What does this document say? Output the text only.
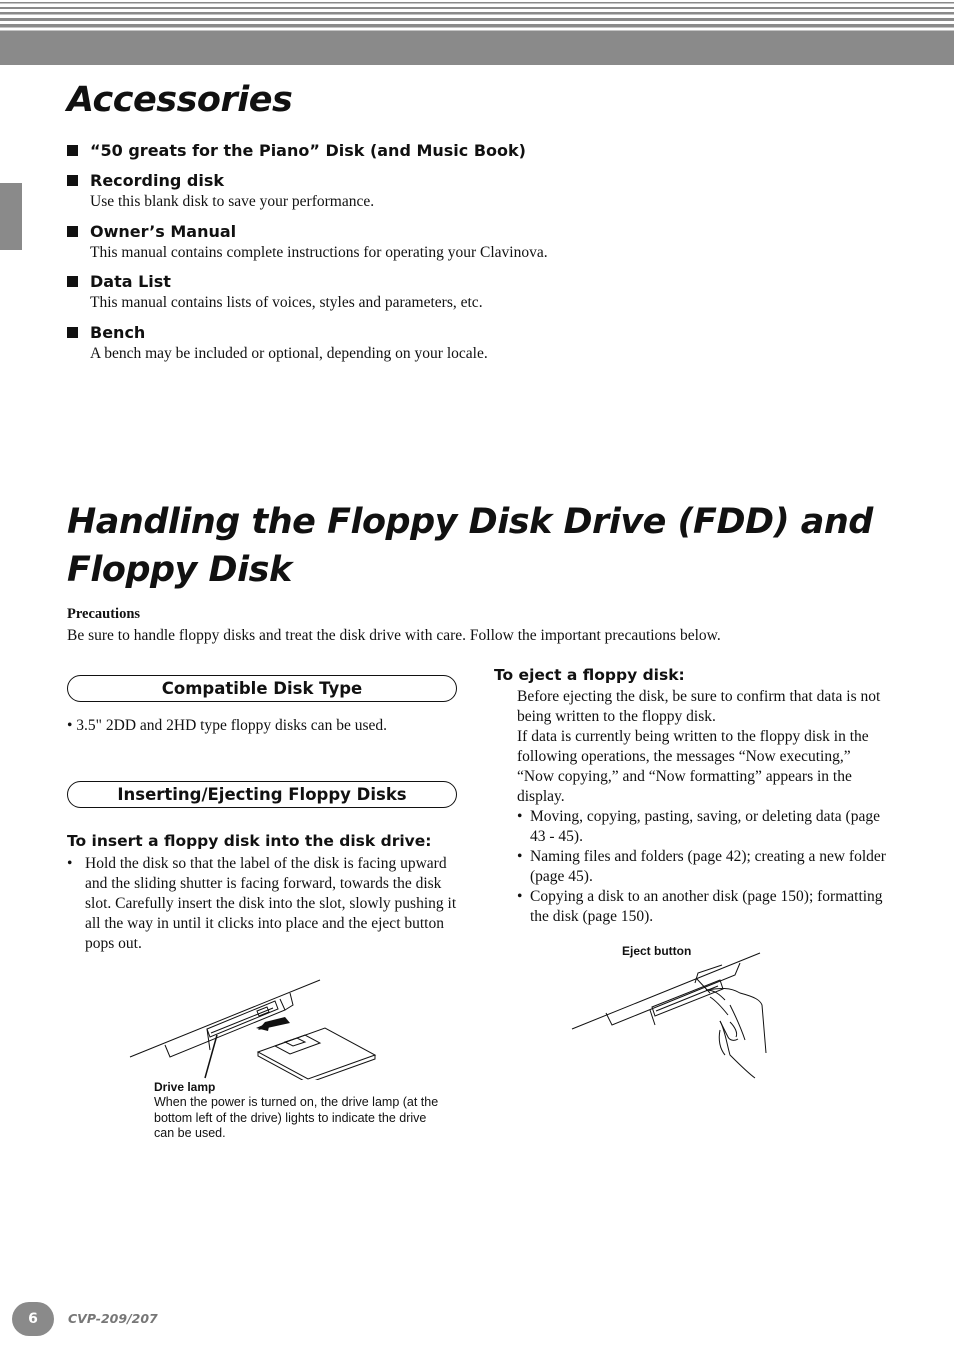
Accessories
“50 greats for the Piano” Disk (and Music Book)
Recording disk
Use this blank disk to save your performance.
Owner’s Manual
This manual contains complete instructions for operating your Clavinova.
Data List
This manual contains lists of voices, styles and parameters, etc.
Bench
A bench may be included or optional, depending on your locale.
Handling the Floppy Disk Drive (FDD) and Floppy Disk
Precautions
Be sure to handle floppy disks and treat the disk drive with care. Follow the important precautions below.
Compatible Disk Type
• 3.5" 2DD and 2HD type floppy disks can be used.
Inserting/Ejecting Floppy Disks
To insert a floppy disk into the disk drive:
• Hold the disk so that the label of the disk is facing upward and the sliding shutter is facing forward, towards the disk slot. Carefully insert the disk into the slot, slowly pushing it all the way in until it clicks into place and the eject button pops out.
Drive lamp
When the power is turned on, the drive lamp (at the bottom left of the drive) lights to indicate the drive can be used.
To eject a floppy disk:
Before ejecting the disk, be sure to confirm that data is not being written to the floppy disk.
If data is currently being written to the floppy disk in the following operations, the messages “Now executing,” “Now copying,” and “Now formatting” appears in the display.
• Moving, copying, pasting, saving, or deleting data (page 43 - 45).
• Naming files and folders (page 42); creating a new folder (page 45).
• Copying a disk to an another disk (page 150); formatting the disk (page 150).
Eject button
6	CVP-209/207
